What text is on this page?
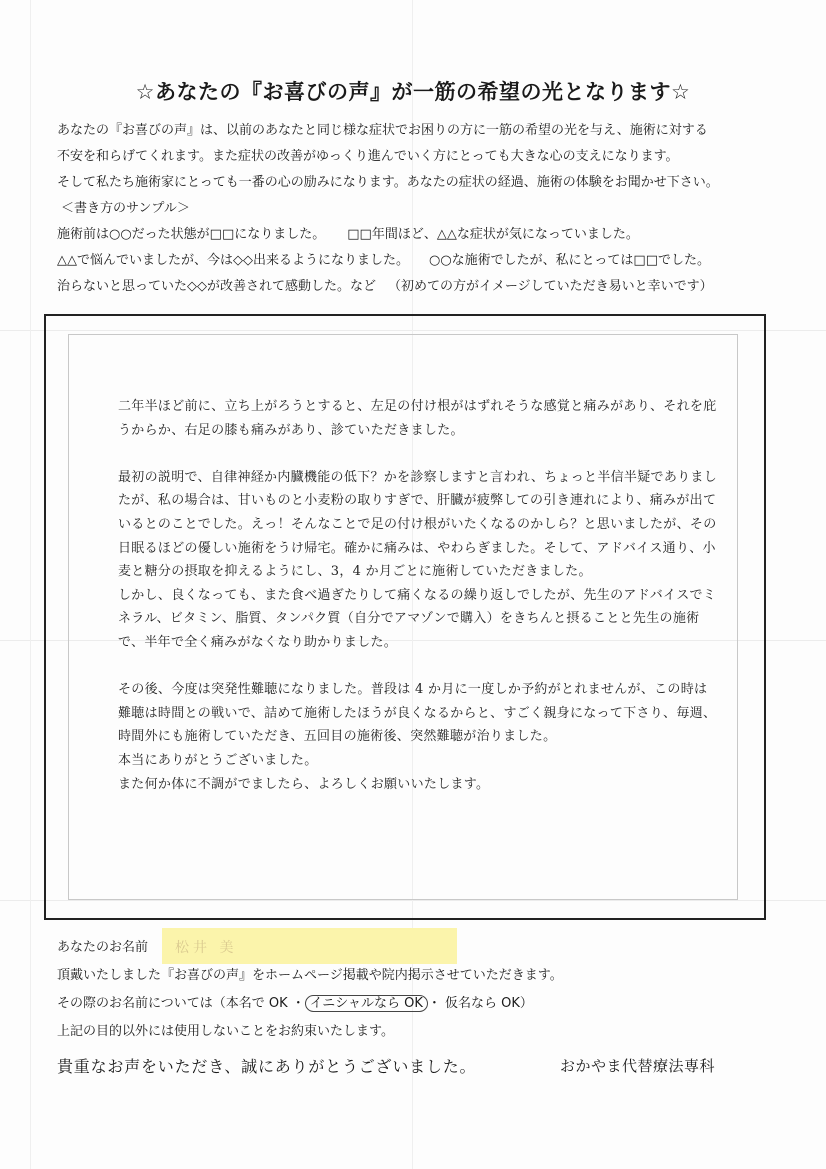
☆あなたの『お喜びの声』が一筋の希望の光となります☆
あなたの『お喜びの声』は、以前のあなたと同じ様な症状でお困りの方に一筋の希望の光を与え、施術に対する
不安を和らげてくれます。また症状の改善がゆっくり進んでいく方にとっても大きな心の支えになります。
そして私たち施術家にとっても一番の心の励みになります。あなたの症状の経過、施術の体験をお聞かせ下さい。
＜書き方のサンプル＞
施術前は○○だった状態が□□になりました。 □□年間ほど、△△な症状が気になっていました。
△△で悩んでいましたが、今は◇◇出来るようになりました。 ○○な施術でしたが、私にとっては□□でした。
治らないと思っていた◇◇が改善されて感動した。など （初めての方がイメージしていただき易いと幸いです）

二年半ほど前に、立ち上がろうとすると、左足の付け根がはずれそうな感覚と痛みがあり、それを庇うからか、右足の膝も痛みがあり、診ていただきました。

最初の説明で、自律神経か内臓機能の低下？かを診察しますと言われ、ちょっと半信半疑でありましたが、私の場合は、甘いものと小麦粉の取りすぎで、肝臓が疲弊しての引き連れにより、痛みが出ているとのことでした。えっ！そんなことで足の付け根がいたくなるのかしら？と思いましたが、その日眠るほどの優しい施術をうけ帰宅。確かに痛みは、やわらぎました。そして、アドバイス通り、小麦と糖分の摂取を抑えるようにし、3，4 か月ごとに施術していただきました。

しかし、良くなっても、また食べ過ぎたりして痛くなるの繰り返しでしたが、先生のアドバイスでミネラル、ビタミン、脂質、タンパク質（自分でアマゾンで購入）をきちんと摂ることと先生の施術で、半年で全く痛みがなくなり助かりました。

その後、今度は突発性難聴になりました。普段は 4 か月に一度しか予約がとれませんが、この時は難聴は時間との戦いで、詰めて施術したほうが良くなるからと、すごく親身になって下さり、毎週、時間外にも施術していただき、五回目の施術後、突然難聴が治りました。

本当にありがとうございました。

また何か体に不調がでましたら、よろしくお願いいたします。

あなたのお名前 松井 美
頂戴いたしました『お喜びの声』をホームページ掲載や院内掲示させていただきます。
その際のお名前については（本名で OK ・ イニシャルなら OK ・ 仮名なら OK）
上記の目的以外には使用しないことをお約束いたします。
貴重なお声をいただき、誠にありがとうございました。	おかやま代替療法専科
